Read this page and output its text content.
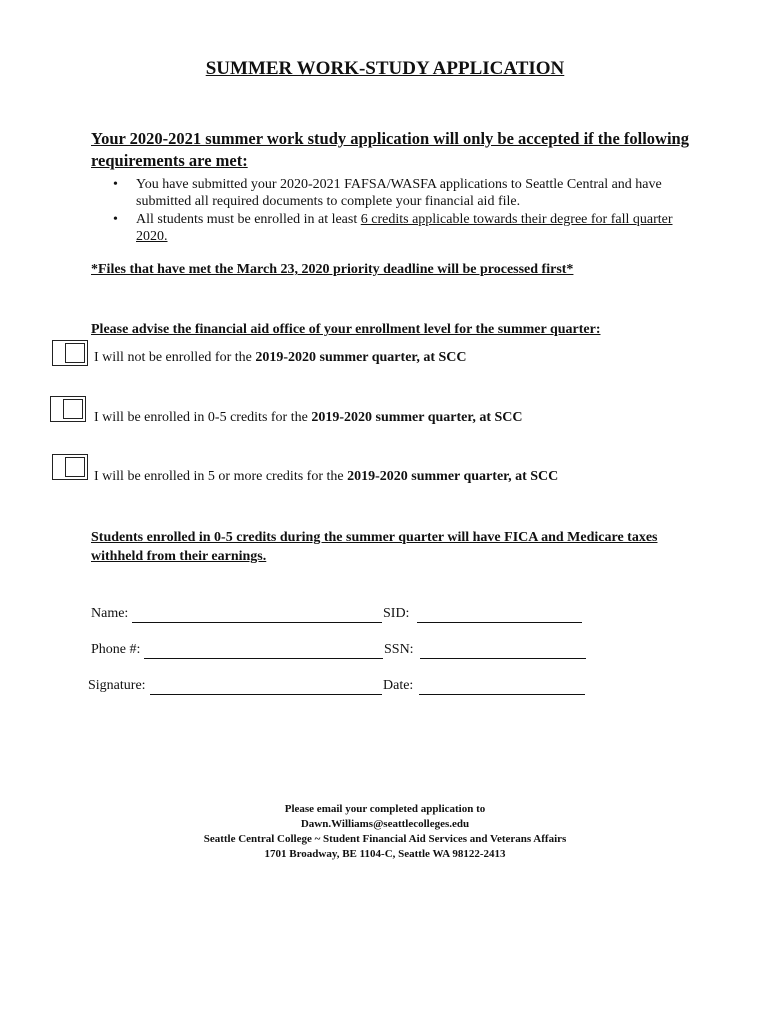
SUMMER WORK-STUDY APPLICATION
Your 2020-2021 summer work study application will only be accepted if the following requirements are met:
• You have submitted your 2020-2021 FAFSA/WASFA applications to Seattle Central and have submitted all required documents to complete your financial aid file.
• All students must be enrolled in at least 6 credits applicable towards their degree for fall quarter 2020.
*Files that have met the March 23, 2020 priority deadline will be processed first*
Please advise the financial aid office of your enrollment level for the summer quarter:
I will not be enrolled for the 2019-2020 summer quarter, at SCC
I will be enrolled in 0-5 credits for the 2019-2020 summer quarter, at SCC
I will be enrolled in 5 or more credits for the 2019-2020 summer quarter, at SCC
Students enrolled in 0-5 credits during the summer quarter will have FICA and Medicare taxes withheld from their earnings.
Name:	SID:
Phone #:	SSN:
Signature:	Date:
Please email your completed application to
Dawn.Williams@seattlecolleges.edu
Seattle Central College ~ Student Financial Aid Services and Veterans Affairs
1701 Broadway, BE 1104-C, Seattle WA 98122-2413
